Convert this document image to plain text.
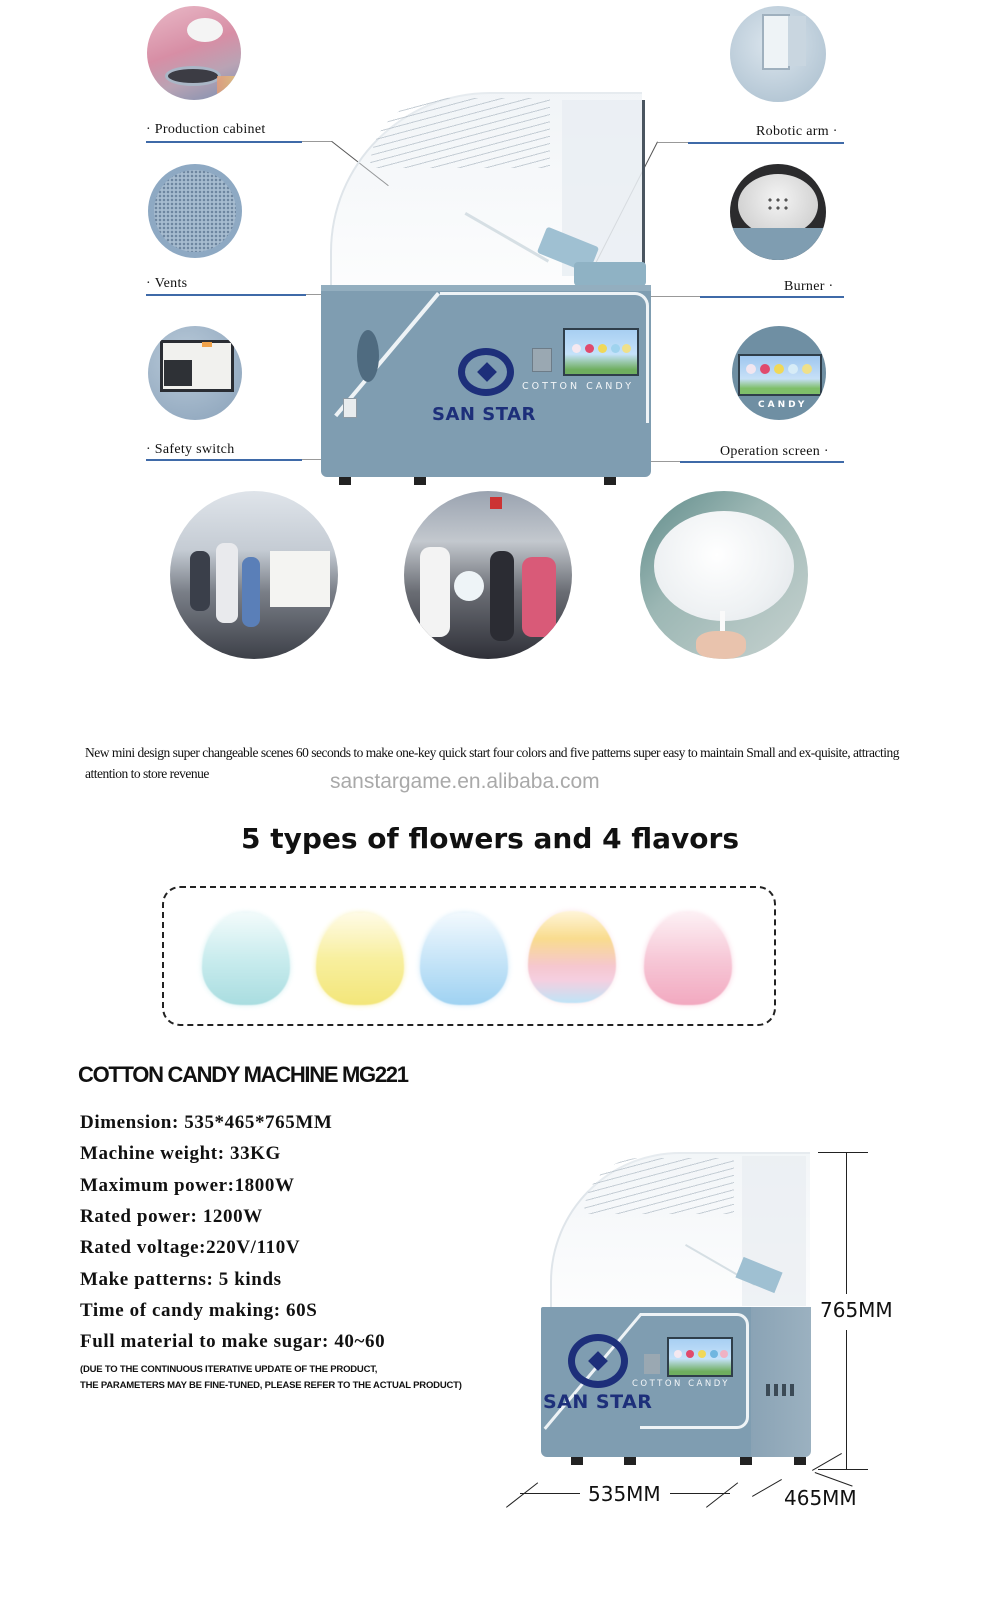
CANDY
· Production cabinet
· Vents
· Safety switch
Robotic arm ·
Burner ·
Operation screen ·
SAN STAR
COTTON CANDY
New mini design super changeable scenes 60 seconds to make one-key quick start four colors and five patterns super easy to maintain Small and ex-quisite, attracting attention to store revenue	sanstargame.en.alibaba.com
5 types of flowers and 4 flavors
COTTON CANDY MACHINE MG221
Dimension: 535*465*765MM
Machine weight: 33KG
Maximum power:1800W
Rated power: 1200W
Rated voltage:220V/110V
Make patterns: 5 kinds
Time of candy making: 60S
Full material to make sugar: 40~60
(DUE TO THE CONTINUOUS ITERATIVE UPDATE OF THE PRODUCT,
THE PARAMETERS MAY BE FINE-TUNED, PLEASE REFER TO THE ACTUAL PRODUCT)
SAN STAR
COTTON CANDY
765MM
535MM	465MM
